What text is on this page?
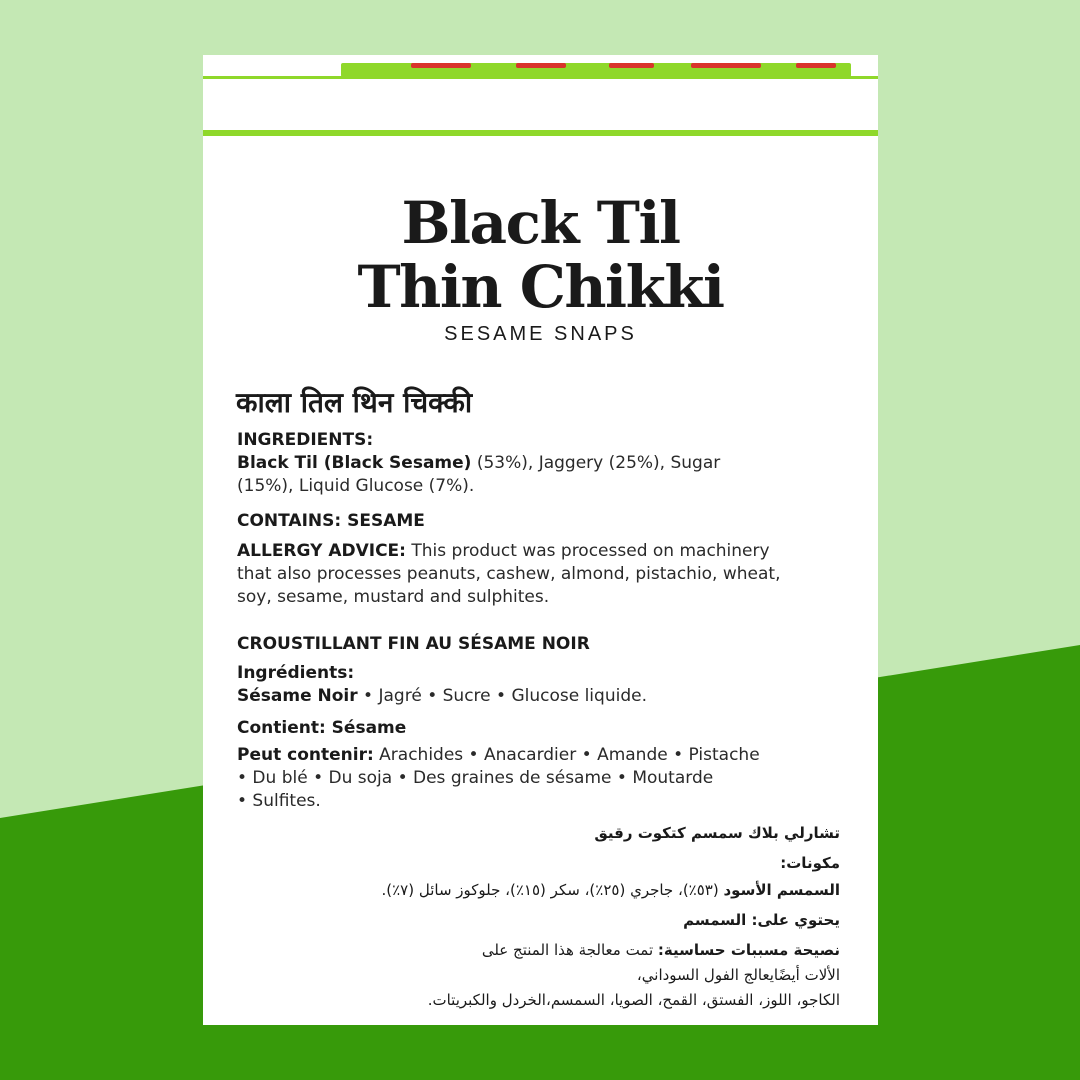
Black Til
Thin Chikki
SESAME SNAPS
काला तिल थिन चिक्की
INGREDIENTS:
Black Til (Black Sesame) (53%), Jaggery (25%), Sugar
(15%), Liquid Glucose (7%).
CONTAINS: SESAME
ALLERGY ADVICE: This product was processed on machinery
that also processes peanuts, cashew, almond, pistachio, wheat,
soy, sesame, mustard and sulphites.
CROUSTILLANT FIN AU SÉSAME NOIR
Ingrédients:
Sésame Noir • Jagré • Sucre • Glucose liquide.
Contient: Sésame
Peut contenir: Arachides • Anacardier • Amande • Pistache
• Du blé • Du soja • Des graines de sésame • Moutarde
• Sulfites.
تشارلي بلاك سمسم كتكوت رقيق
مكونات:
السمسم الأسود (٥٣٪)، جاجري (٢٥٪)، سكر (١٥٪)، جلوكوز سائل (٧٪).
يحتوي على: السمسم
نصيحة مسببات حساسية: تمت معالجة هذا المنتج على
الألات أيضًايعالج الفول السوداني،
الكاجو، اللوز، الفستق، القمح، الصويا، السمسم،الخردل والكبريتات.
